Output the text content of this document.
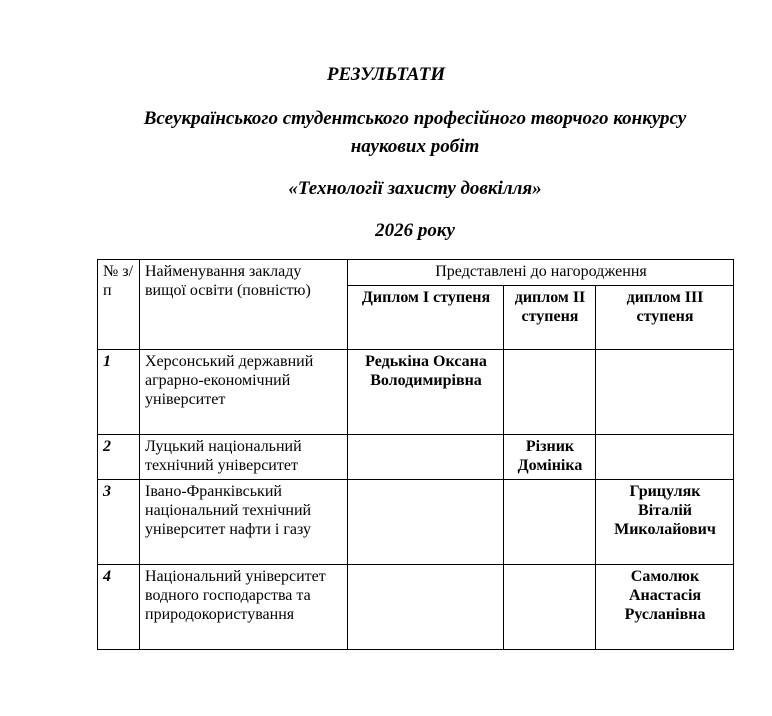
РЕЗУЛЬТАТИ

Всеукраїнського студентського професійного творчого конкурсу

наукових робіт

«Технології захисту довкілля»

2026 року

№ з/п	Найменування закладу вищої освіти (повністю)	Представлені до нагородження		
		Диплом I ступеня	диплом II ступеня	диплом III ступеня
1	Херсонський державний аграрно-економічний університет	Редькіна Оксана Володимирівна		
2	Луцький національний технічний університет		Різник Домініка	
3	Івано-Франківський національний технічний університет нафти і газу			Грицуляк Віталій Миколайович
4	Національний університет водного господарства та природокористування			Самолюк Анастасія Русланівна
